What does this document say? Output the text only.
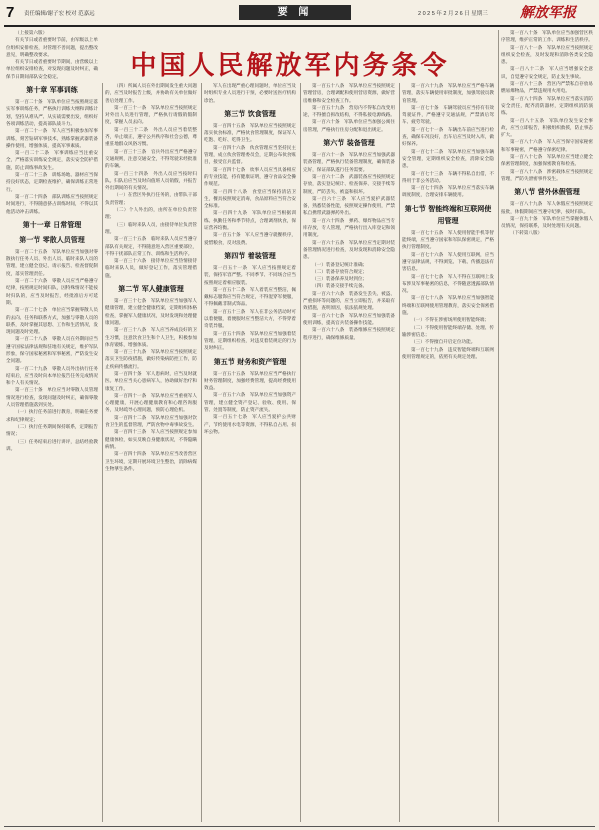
7 责任编辑/谢子宏 校对 范嘉远	要 闻	2 0 2 5 年 2 月 2 6 日 星期三 解放军报
中国人民解放军内务条令

（上接第六版）

有关节日或者重要时节前，由军级以上单位组织安排检查，对管理不善问题，提出整改意见，明确整改要求。

有关节日或者重要时节期间，由营级以上单位组织安排检查，对发现问题及时纠正，确保节日期间部队安全稳定。

第十章 军事训练

第一百二十条　军队单位应当按照规定落实军事训练任务，严格执行训练大纲和训练计划，坚持从难从严、从实战需要出发，组织好各项训练活动，提高部队战斗力。

第一百二十一条　军人应当积极参加军事训练，刻苦钻研军事技术，熟练掌握武器装备操作使用，增强体质，提高军事素质。

第一百二十二条　军事训练应当注重安全，严格落实训练安全规定，落实安全防护措施，防止训练事故发生。

第一百二十三条　训练场地、器材应当保持良好状态，定期检查维护，确保训练正常进行。

第一百二十四条　部队训练应当按照规定时间进行，不得随意挤占训练时间，不得以其他活动冲击训练。

第十一章 日常管理

第一节 零散人员管理

第一百二十五条　军队单位应当加强对零散执行任务人员、外出人员、临时来队人员的管理，建立健全登记、请示报告、检查督促制度，落实管理责任。

第一百二十六条　零散人员应当严格遵守纪律，按照规定时间归队，因特殊情况不能按时归队的，应当及时报告，经批准后方可延期。

第一百二十七条　单位应当掌握零散人员的去向、任务和联系方式，加强与零散人员的联系，及时掌握其思想、工作和生活情况，发现问题及时处理。

第一百二十八条　零散人员在外期间应当遵守国家法律法规和驻地有关规定，维护军队形象，保守国家秘密和军事秘密，严防发生安全问题。

第一百二十九条　零散人员外出执行任务结束后，应当及时向本单位报告任务完成情况和个人有关情况。

第一百三十条　单位应当对零散人员管理情况进行检查，发现问题及时纠正，确保零散人员管理措施落到实处。

（一）执行任务前进行教育，明确任务要求和纪律规定；

（二）执行任务期间保持联系，定期报告情况；

（三）任务结束后进行讲评，总结经验教训。

（四）所属人员在外出期间发生重大问题的，应当及时报告上级，并协助有关单位做好善后处理工作。

第一百三十一条　军队单位应当按照规定对外出人员进行管理，严格执行请假销假制度，掌握人员去向。

第一百三十二条　外出人员应当着装整齐，举止端正，遵守公共秩序和社会公德，尊重驻地群众风俗习惯。

第一百三十三条　官兵外出应当严格遵守交通规则，注意交通安全，不得驾驶未经批准的车辆。

第一百三十四条　外出人员应当按时归队。归队后应当及时向值班人员销假，并报告外出期间的有关情况。

（一）在营区外执行任务的，由带队干部负责管理；

（二）个人外出的，由所在单位负责管理；

（三）临时来队人员，由接待单位负责管理。

第一百三十五条　临时来队人员应当遵守部队有关规定，不得随意进入营区重要部位，不得干扰部队正常工作、训练和生活秩序。

第一百三十六条　接待单位应当热情接待临时来队人员，做好登记工作，落实管理措施。

第二节 军人健康管理

第一百三十七条　军队单位应当加强军人健康管理，建立健全健康档案，定期组织体格检查，掌握军人健康状况，及时发现和处理健康问题。

第一百三十八条　军人应当养成良好的卫生习惯，注意饮食卫生和个人卫生，积极参加体育锻炼，增强体质。

第一百三十九条　军队单位应当按照规定落实卫生防疫措施，做好传染病防控工作，防止疾病传播流行。

第一百四十条　军人患病时，应当及时就医。单位应当关心患病军人，协助做好治疗和康复工作。

第一百四十一条　军队单位应当重视军人心理健康，开展心理健康教育和心理咨询服务，及时疏导心理问题，预防心理危机。

第一百四十二条　军队单位应当加强对饮食卫生的监督管理，严防食物中毒事故发生。

第一百四十三条　军人应当按照规定参加健康体检，如实反映自身健康状况，不得隐瞒病情。

第一百四十四条　军队单位应当改善营区卫生环境，定期开展环境卫生整治，消除病媒生物孳生条件。

军人在出现严重心理问题时，单位应当及时组织专业人员进行干预，必要时送医疗机构诊治。

第三节 饮食管理

第一百四十五条　军队单位应当按照规定落实伙食标准，严格伙食管理制度，保证军人吃饱、吃好、吃得卫生。

第一百四十六条　伙食管理应当坚持民主管理，成立伙食管理委员会，定期公布伙食账目，接受官兵监督。

第一百四十七条　炊事人员应当具备相应的专业技能，持有健康证明，遵守食品安全操作规范。

第一百四十八条　食堂应当保持清洁卫生，餐具按照规定消毒，食品原料应当符合安全标准。

第一百四十九条　军队单位应当根据训练、执勤任务和季节特点，合理调剂伙食，保证营养均衡。

第一百五十条　军人应当遵守就餐秩序，爱惜粮食，反对浪费。

第四节 着装管理

第一百五十一条　军人应当按照规定着装，保持军容严整。不同季节、不同场合应当按照规定着相应服装。

第一百五十二条　军人着装应当整洁，佩戴标志服饰应当符合规定，不得混穿军便服，不得佩戴非制式饰品。

第一百五十三条　军人在非公务活动时可以着便服，着便服时应当整洁大方，不得穿着奇装异服。

第一百五十四条　军队单位应当加强着装管理，定期组织检查，对违反着装规定的行为及时纠正。

第五节 财务和资产管理

第一百五十五条　军队单位应当严格执行财务管理制度，加强经费管理，提高经费使用效益。

第一百五十六条　军队单位应当加强资产管理，建立健全资产登记、验收、使用、保管、处置等制度，防止资产流失。

第一百五十七条　军人应当爱护公共财产，节约使用水电等资源，不得私自占用、损坏公物。

第一百五十八条　军队单位应当按照规定管理营房，合理调配和使用营房资源，做好营房维修和安全检查工作。

第一百五十九条　营房内不得私自改变用途，不得擅自拆改结构，不得私接电源线路。

第一百六十条　军队单位应当加强公寓住房管理，严格执行住房分配和退出规定。

第六节 装备管理

第一百六十一条　军队单位应当加强武器装备管理，严格执行装备管理制度，确保装备完好，保证部队遂行任务需要。

第一百六十二条　武器装备应当按照规定存放，落实登记统计、检查保养、交接手续等制度，严防丢失、被盗和损坏。

第一百六十三条　军人应当爱护武器装备，熟悉装备性能，按照规定操作使用，严禁私自携带武器弹药外出。

第一百六十四条　弹药、爆炸物品应当专库存放，专人管理，严格执行出入库登记和领用制度。

第一百六十五条　军队单位应当定期对装备管理情况进行检查，及时发现和消除安全隐患。

（一）装备登记统计准确；

（二）装备存放符合规定；

（三）装备保养及时到位；

（四）装备交接手续完备。

第一百六十六条　装备发生丢失、被盗、严重损坏等问题的，应当立即报告，并采取有效措施，查明原因，依法依规处理。

第一百六十七条　军队单位应当加强装备使用训练，提高官兵装备操作技能。

第一百六十八条　装备维修应当按照规定程序进行，确保维修质量。

第一百六十九条　军队单位应当严格车辆管理，落实车辆使用审批制度，加强驾驶员教育管理。

第一百七十条　车辆驾驶员应当持有有效驾驶证件，严格遵守交通法规，严禁酒后驾车、疲劳驾驶。

第一百七十一条　车辆出车前应当进行检查，确保车况良好，出车后应当及时入库，做好保养。

第一百七十二条　军队单位应当加强车辆安全管理，定期组织安全检查，消除安全隐患。

第一百七十三条　车辆不得私自出借，不得用于非公务活动。

第一百七十四条　军队单位应当落实车辆调度制度，合理安排车辆使用。

第七节 智能终端和互联网使用管理

第一百七十五条　军人使用智能手机等智能终端，应当遵守国家和军队保密规定，严格执行管理制度。

第一百七十六条　军人使用互联网，应当遵守法律法规，不得浏览、下载、传播违法有害信息。

第一百七十七条　军人不得在互联网上发布涉及军事秘密的信息，不得随意透露部队情况。

第一百七十八条　军队单位应当加强智能终端和互联网使用管理教育，落实安全保密措施。

（一）不得在涉密场所使用智能终端；

（二）不得使用智能终端存储、处理、传输涉密信息；

（三）不得擅自开启定位功能。

第一百七十九条　违反智能终端和互联网使用管理规定的，依照有关规定处理。

第一百八十条　军队单位应当加强营区秩序管理，维护正常的工作、训练和生活秩序。

第一百八十一条　军队单位应当按照规定组织安全检查，及时发现和消除各类安全隐患。

第一百八十二条　军人应当增强安全意识，自觉遵守安全规定，防止发生事故。

第一百八十三条　营区内严禁私自存放易燃易爆物品，严禁违规用火用电。

第一百八十四条　军队单位应当落实消防安全责任，配齐消防器材，定期组织消防演练。

第一百八十五条　军队单位发生安全事故，应当立即报告，积极组织救援，防止事态扩大。

第一百八十六条　军人应当保守国家秘密和军事秘密，严格遵守保密纪律。

第一百八十七条　军队单位应当建立健全保密管理制度，加强保密教育和检查。

第一百八十八条　涉密载体应当按照规定管理，严防失泄密事件发生。

第八节 营外休假管理

第一百八十九条　军人休假应当按照规定报批，休假期间应当遵守纪律，按时归队。

第一百九十条　军队单位应当掌握休假人员情况，保持联系，及时处理有关问题。

（下转第八版）
